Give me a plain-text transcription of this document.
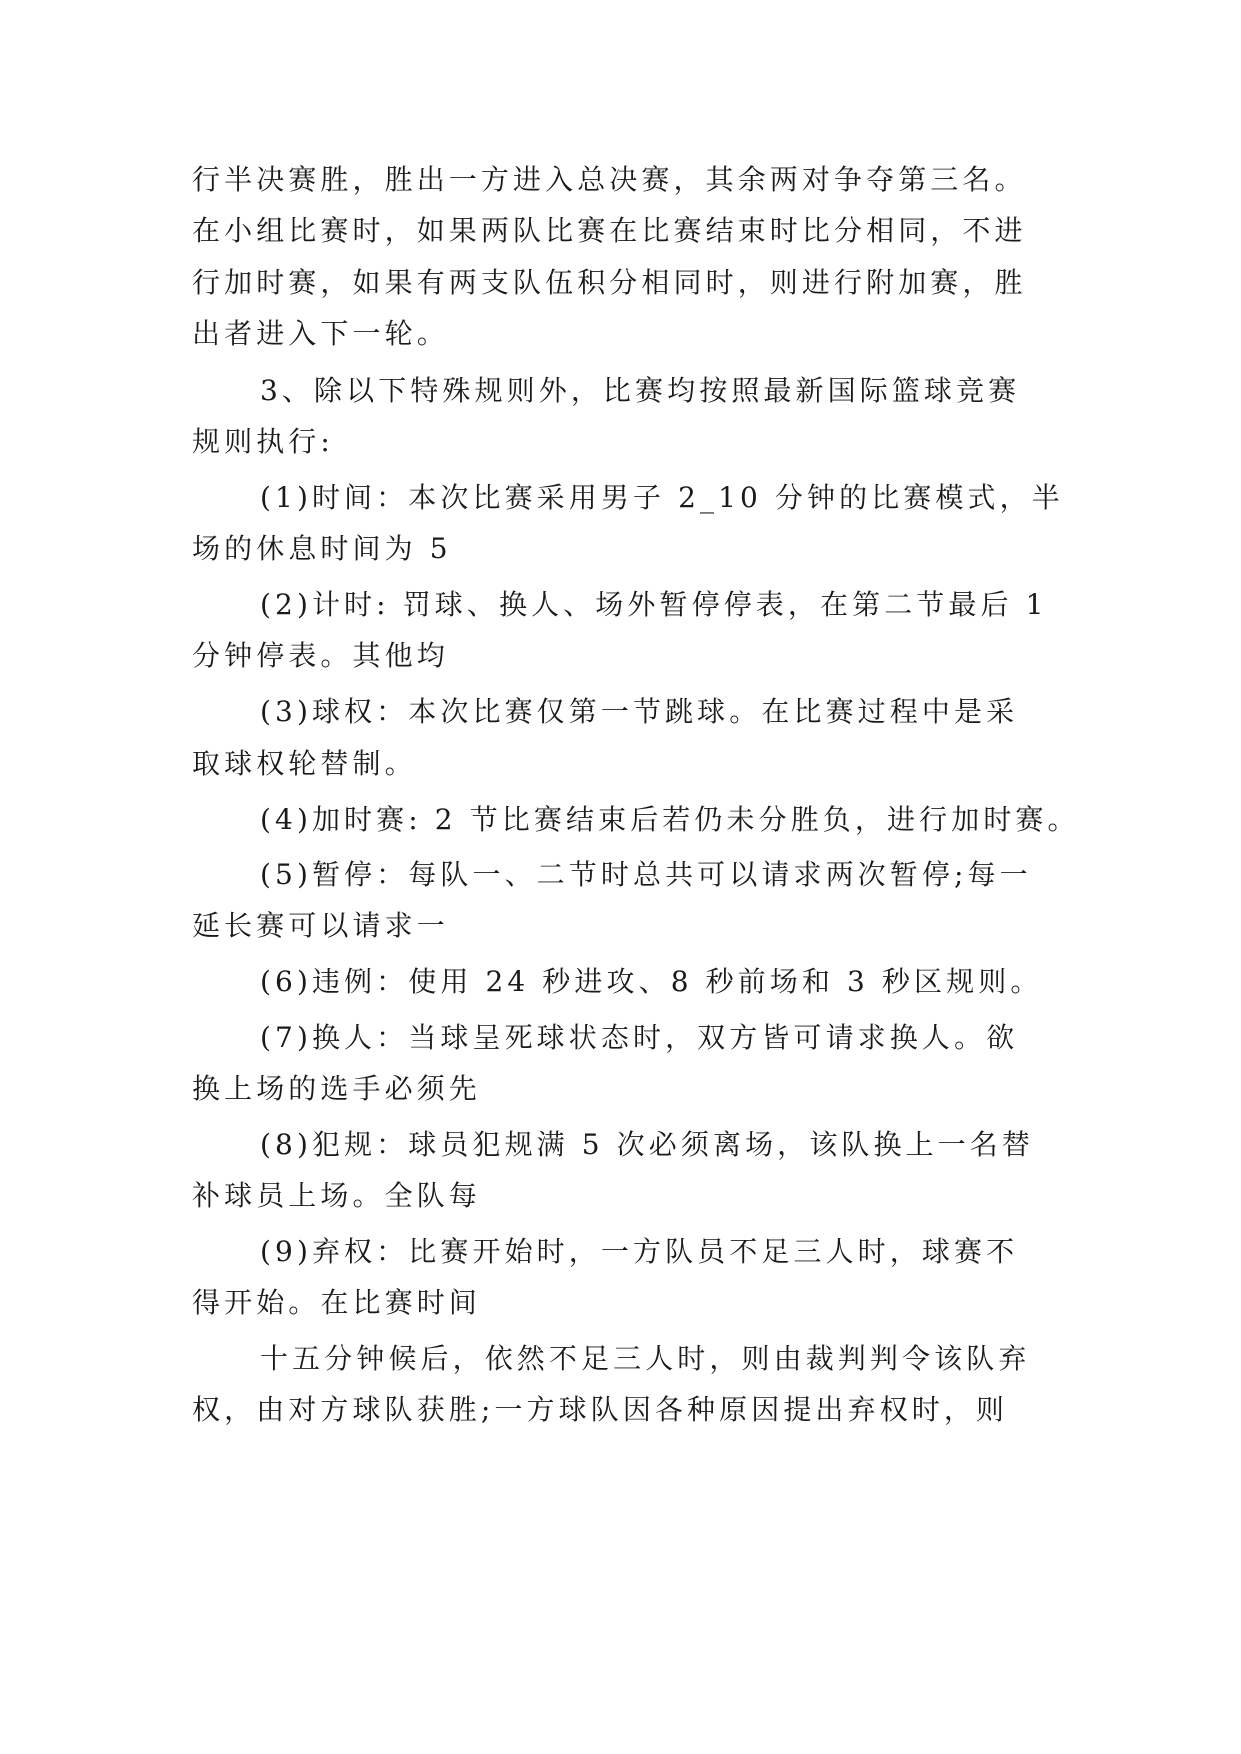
行半决赛胜，胜出一方进入总决赛，其余两对争夺第三名。
在小组比赛时，如果两队比赛在比赛结束时比分相同，不进
行加时赛，如果有两支队伍积分相同时，则进行附加赛，胜
出者进入下一轮。
3、除以下特殊规则外，比赛均按照最新国际篮球竞赛
规则执行:
(1)时间：本次比赛采用男子 2_10 分钟的比赛模式，半
场的休息时间为 5
(2)计时: 罚球、换人、场外暂停停表，在第二节最后 1
分钟停表。其他均
(3)球权：本次比赛仅第一节跳球。在比赛过程中是采
取球权轮替制。
(4)加时赛: 2 节比赛结束后若仍未分胜负，进行加时赛。
(5)暂停：每队一、二节时总共可以请求两次暂停;每一
延长赛可以请求一
(6)违例：使用 24 秒进攻、8 秒前场和 3 秒区规则。
(7)换人：当球呈死球状态时，双方皆可请求换人。欲
换上场的选手必须先
(8)犯规：球员犯规满 5 次必须离场，该队换上一名替
补球员上场。全队每
(9)弃权：比赛开始时，一方队员不足三人时，球赛不
得开始。在比赛时间
十五分钟候后，依然不足三人时，则由裁判判令该队弃
权，由对方球队获胜;一方球队因各种原因提出弃权时，则
